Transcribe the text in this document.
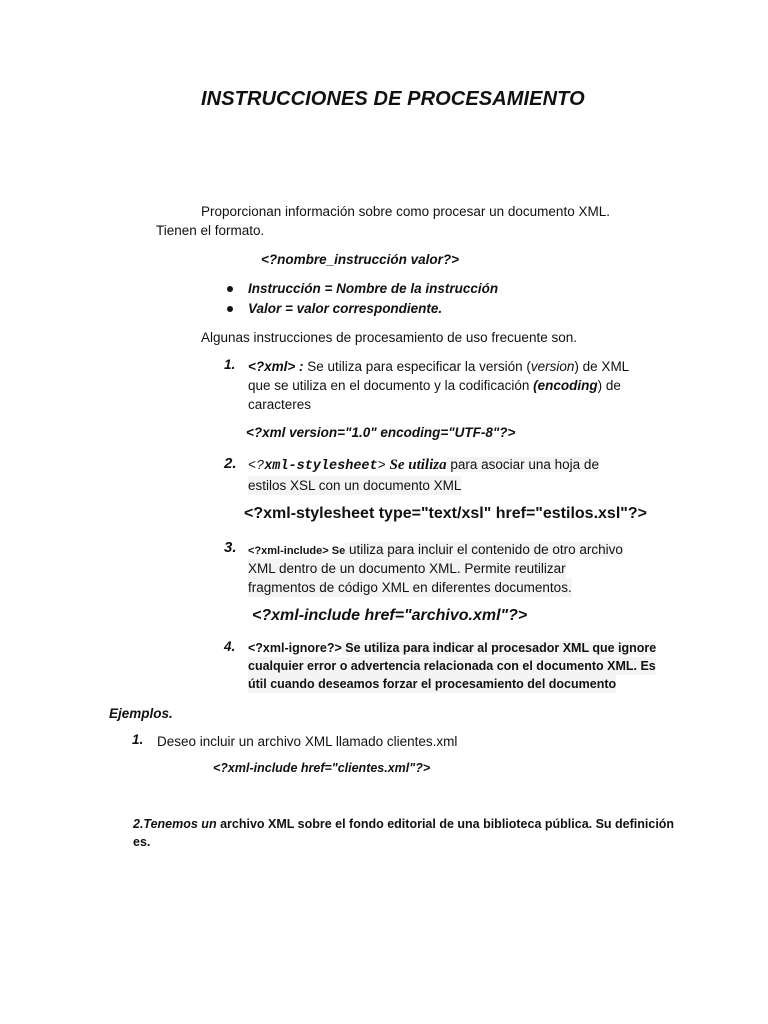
INSTRUCCIONES DE PROCESAMIENTO
Proporcionan información sobre como procesar un documento XML.
Tienen el formato.
<?nombre_instrucción valor?>
Instrucción = Nombre de la instrucción
Valor = valor correspondiente.
Algunas instrucciones de procesamiento de uso frecuente son.
1. <?xml> : Se utiliza para especificar la versión (version) de XML
que se utiliza en el documento y la codificación (encoding) de
caracteres
<?xml version="1.0" encoding="UTF-8"?>
2. <?xml-stylesheet> Se utiliza para asociar una hoja de
estilos XSL con un documento XML
<?xml-stylesheet type="text/xsl" href="estilos.xsl"?>
3. <?xml-include> Se utiliza para incluir el contenido de otro archivo
XML dentro de un documento XML. Permite reutilizar
fragmentos de código XML en diferentes documentos.
<?xml-include href="archivo.xml"?>
4. <?xml-ignore?> Se utiliza para indicar al procesador XML que ignore
cualquier error o advertencia relacionada con el documento XML. Es
útil cuando deseamos forzar el procesamiento del documento
Ejemplos.
1. Deseo incluir un archivo XML llamado clientes.xml
<?xml-include href="clientes.xml"?>
2.Tenemos un archivo XML sobre el fondo editorial de una biblioteca pública. Su definición
es.
